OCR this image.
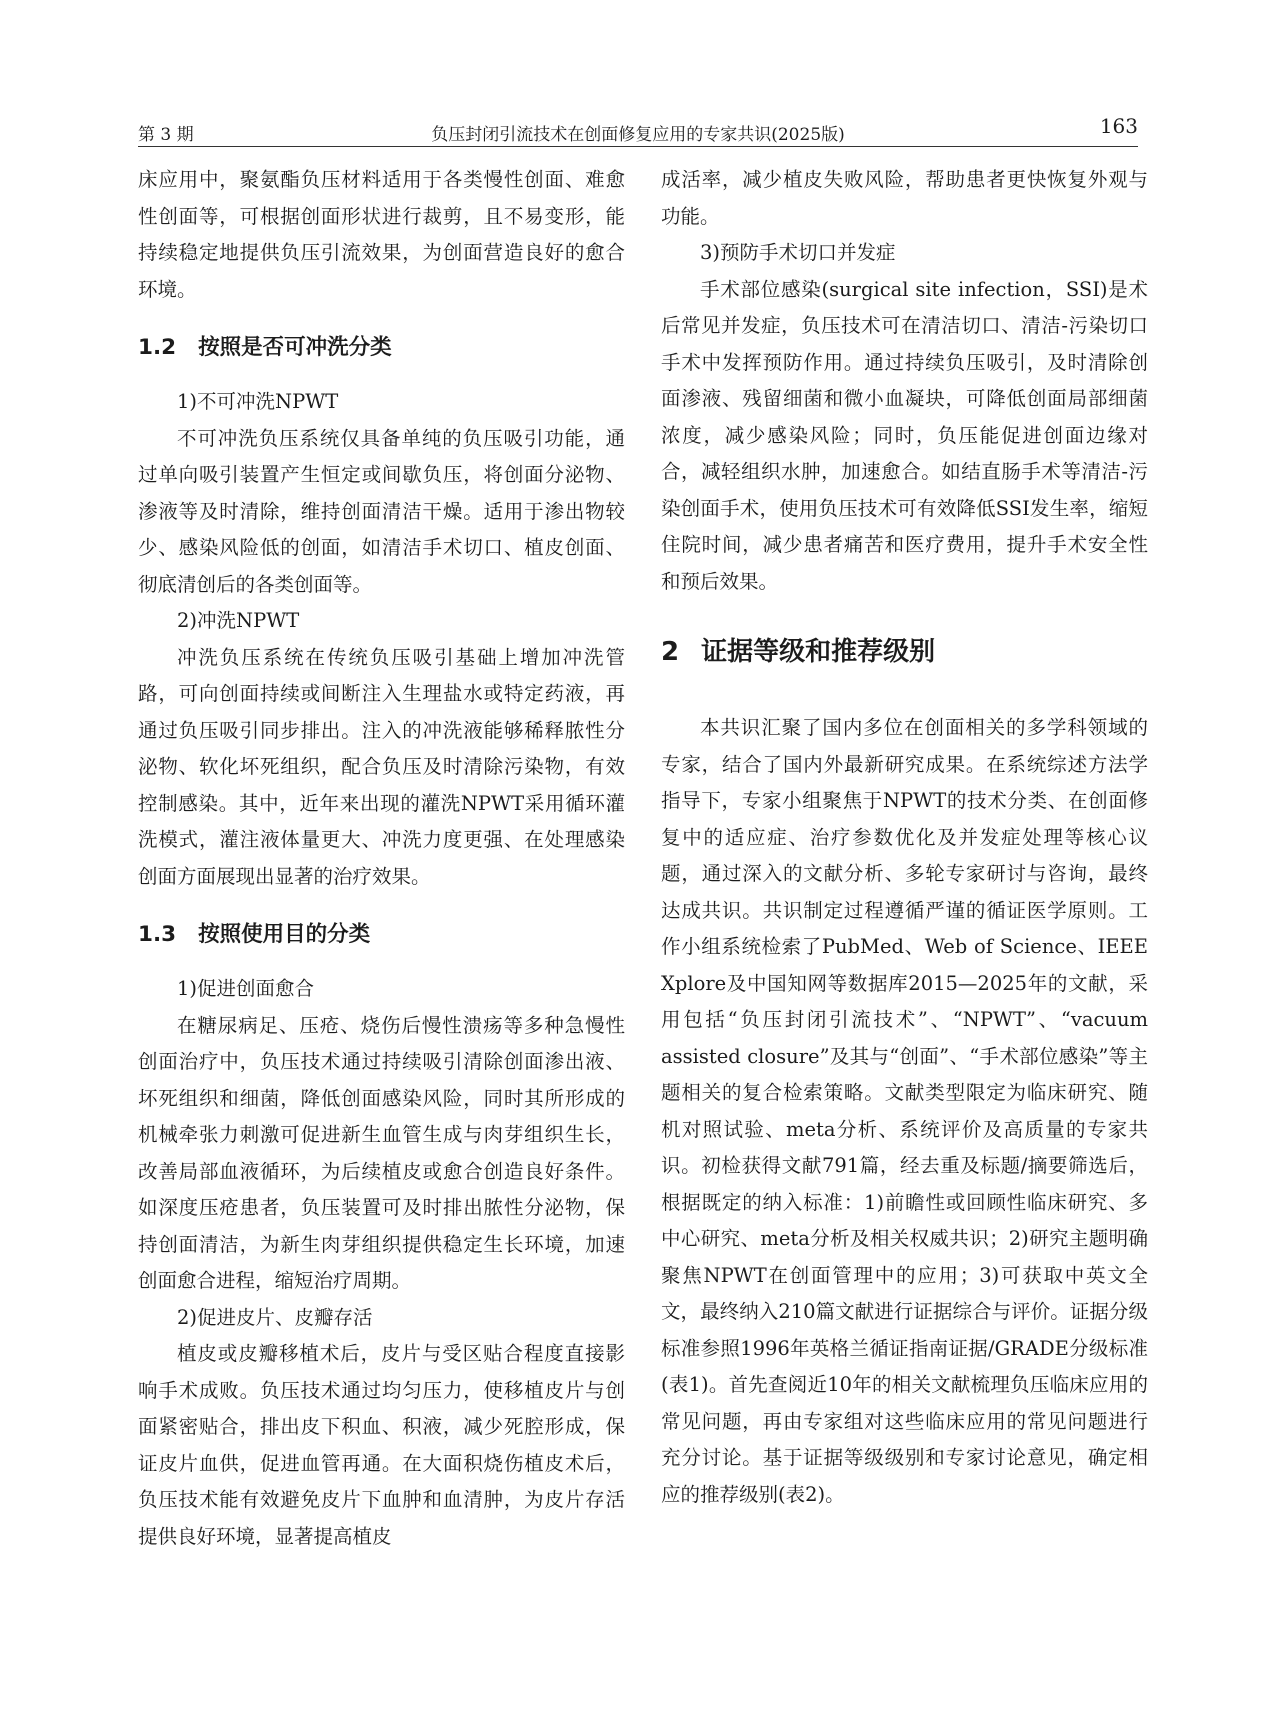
第 3 期	负压封闭引流技术在创面修复应用的专家共识(2025版)	163

床应用中，聚氨酯负压材料适用于各类慢性创面、难愈性创面等，可根据创面形状进行裁剪，且不易变形，能持续稳定地提供负压引流效果，为创面营造良好的愈合环境。

1.2 按照是否可冲洗分类

1)不可冲洗NPWT

不可冲洗负压系统仅具备单纯的负压吸引功能，通过单向吸引装置产生恒定或间歇负压，将创面分泌物、渗液等及时清除，维持创面清洁干燥。适用于渗出物较少、感染风险低的创面，如清洁手术切口、植皮创面、彻底清创后的各类创面等。

2)冲洗NPWT

冲洗负压系统在传统负压吸引基础上增加冲洗管路，可向创面持续或间断注入生理盐水或特定药液，再通过负压吸引同步排出。注入的冲洗液能够稀释脓性分泌物、软化坏死组织，配合负压及时清除污染物，有效控制感染。其中，近年来出现的灌洗NPWT采用循环灌洗模式，灌注液体量更大、冲洗力度更强、在处理感染创面方面展现出显著的治疗效果。

1.3 按照使用目的分类

1)促进创面愈合

在糖尿病足、压疮、烧伤后慢性溃疡等多种急慢性创面治疗中，负压技术通过持续吸引清除创面渗出液、坏死组织和细菌，降低创面感染风险，同时其所形成的机械牵张力刺激可促进新生血管生成与肉芽组织生长，改善局部血液循环，为后续植皮或愈合创造良好条件。如深度压疮患者，负压装置可及时排出脓性分泌物，保持创面清洁，为新生肉芽组织提供稳定生长环境，加速创面愈合进程，缩短治疗周期。

2)促进皮片、皮瓣存活

植皮或皮瓣移植术后，皮片与受区贴合程度直接影响手术成败。负压技术通过均匀压力，使移植皮片与创面紧密贴合，排出皮下积血、积液，减少死腔形成，保证皮片血供，促进血管再通。在大面积烧伤植皮术后，负压技术能有效避免皮片下血肿和血清肿，为皮片存活提供良好环境，显著提高植皮

成活率，减少植皮失败风险，帮助患者更快恢复外观与功能。

3)预防手术切口并发症

手术部位感染(surgical site infection，SSI)是术后常见并发症，负压技术可在清洁切口、清洁-污染切口手术中发挥预防作用。通过持续负压吸引，及时清除创面渗液、残留细菌和微小血凝块，可降低创面局部细菌浓度，减少感染风险；同时，负压能促进创面边缘对合，减轻组织水肿，加速愈合。如结直肠手术等清洁-污染创面手术，使用负压技术可有效降低SSI发生率，缩短住院时间，减少患者痛苦和医疗费用，提升手术安全性和预后效果。

2 证据等级和推荐级别

本共识汇聚了国内多位在创面相关的多学科领域的专家，结合了国内外最新研究成果。在系统综述方法学指导下，专家小组聚焦于NPWT的技术分类、在创面修复中的适应症、治疗参数优化及并发症处理等核心议题，通过深入的文献分析、多轮专家研讨与咨询，最终达成共识。共识制定过程遵循严谨的循证医学原则。工作小组系统检索了PubMed、Web of Science、IEEE Xplore及中国知网等数据库2015—2025年的文献，采用包括“负压封闭引流技术”、“NPWT”、“vacuum assisted closure”及其与“创面”、“手术部位感染”等主题相关的复合检索策略。文献类型限定为临床研究、随机对照试验、meta分析、系统评价及高质量的专家共识。初检获得文献791篇，经去重及标题/摘要筛选后，根据既定的纳入标准：1)前瞻性或回顾性临床研究、多中心研究、meta分析及相关权威共识；2)研究主题明确聚焦NPWT在创面管理中的应用；3)可获取中英文全文，最终纳入210篇文献进行证据综合与评价。证据分级标准参照1996年英格兰循证指南证据/GRADE分级标准(表1)。首先查阅近10年的相关文献梳理负压临床应用的常见问题，再由专家组对这些临床应用的常见问题进行充分讨论。基于证据等级级别和专家讨论意见，确定相应的推荐级别(表2)。
